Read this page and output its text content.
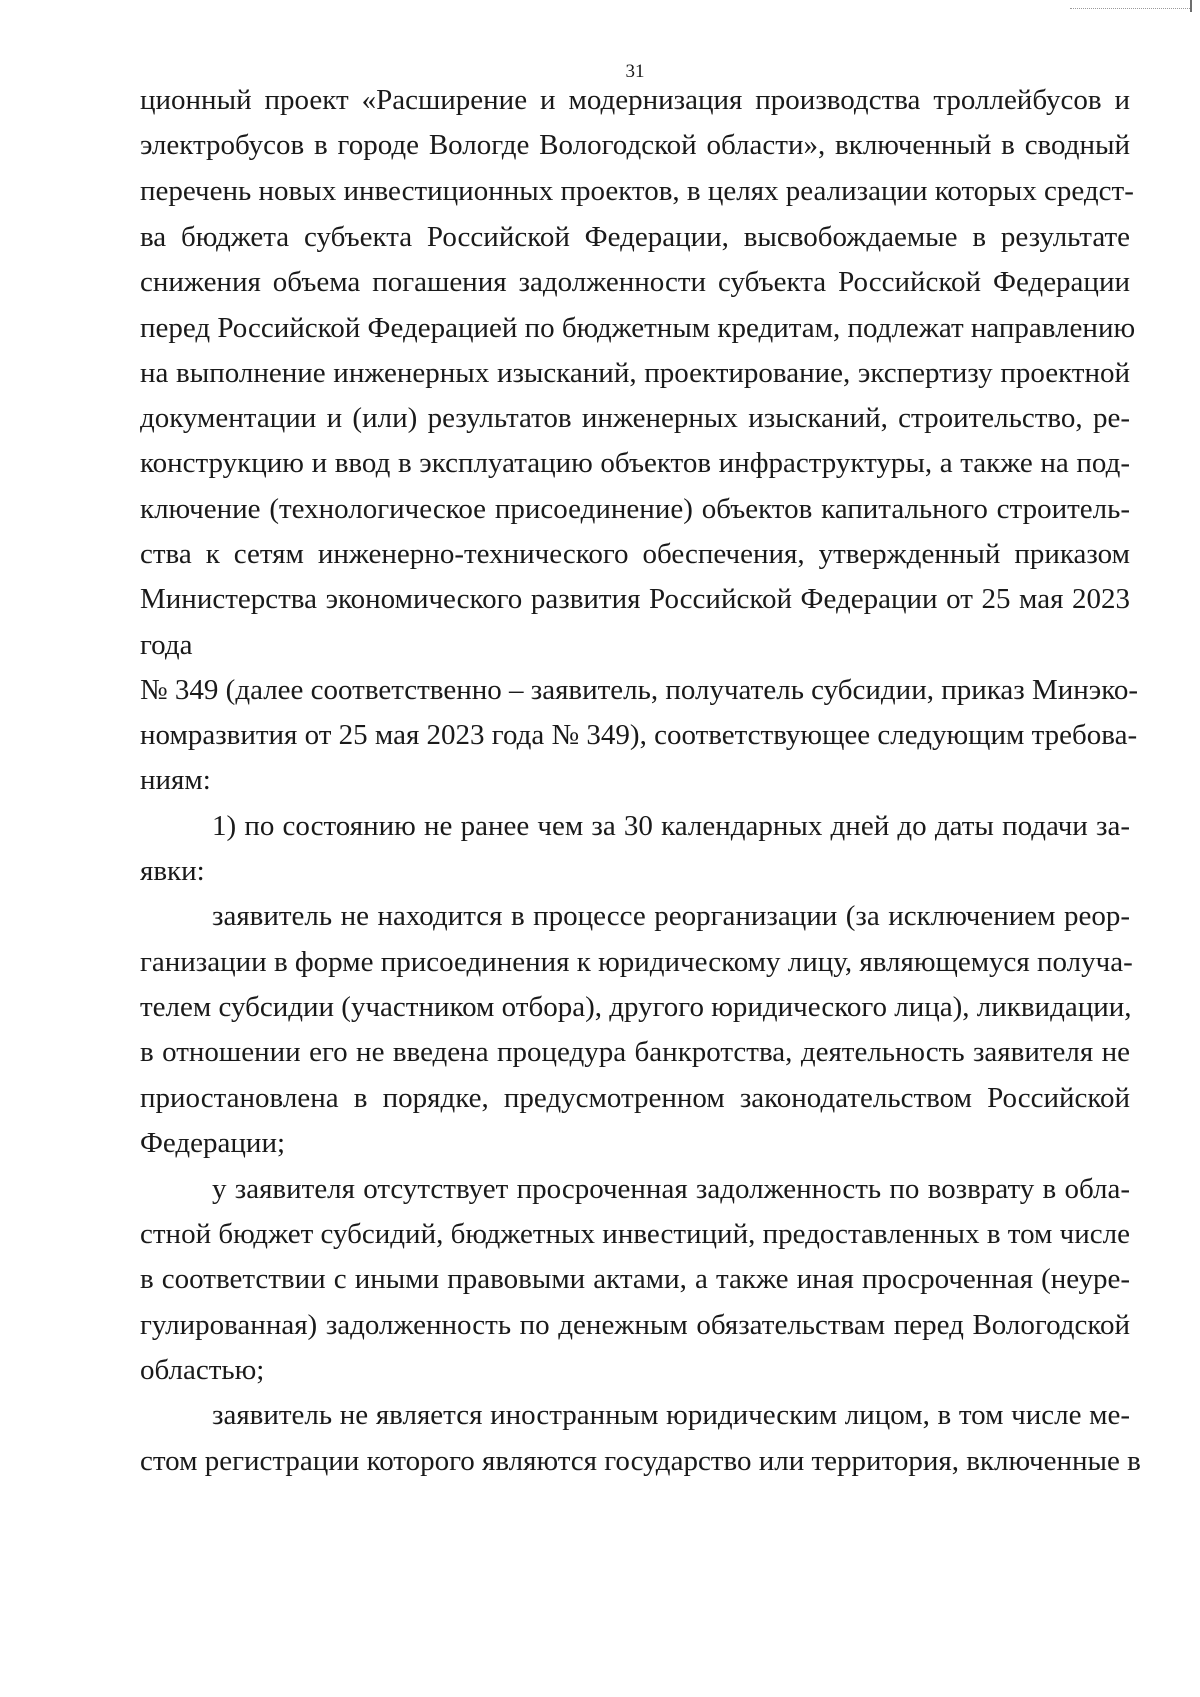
31
ционный проект «Расширение и модернизация производства троллейбусов и
электробусов в городе Вологде Вологодской области», включенный в сводный
перечень новых инвестиционных проектов, в целях реализации которых средст-
ва бюджета субъекта Российской Федерации, высвобождаемые в результате
снижения объема погашения задолженности субъекта Российской Федерации
перед Российской Федерацией по бюджетным кредитам, подлежат направлению
на выполнение инженерных изысканий, проектирование, экспертизу проектной
документации и (или) результатов инженерных изысканий, строительство, ре-
конструкцию и ввод в эксплуатацию объектов инфраструктуры, а также на под-
ключение (технологическое присоединение) объектов капитального строитель-
ства к сетям инженерно-технического обеспечения, утвержденный приказом
Министерства экономического развития Российской Федерации от 25 мая 2023
года
№ 349 (далее соответственно – заявитель, получатель субсидии, приказ Минэко-
номразвития от 25 мая 2023 года № 349), соответствующее следующим требова-
ниям:
1) по состоянию не ранее чем за 30 календарных дней до даты подачи за-
явки:
заявитель не находится в процессе реорганизации (за исключением реор-
ганизации в форме присоединения к юридическому лицу, являющемуся получа-
телем субсидии (участником отбора), другого юридического лица), ликвидации,
в отношении его не введена процедура банкротства, деятельность заявителя не
приостановлена в порядке, предусмотренном законодательством Российской
Федерации;
у заявителя отсутствует просроченная задолженность по возврату в обла-
стной бюджет субсидий, бюджетных инвестиций, предоставленных в том числе
в соответствии с иными правовыми актами, а также иная просроченная (неуре-
гулированная) задолженность по денежным обязательствам перед Вологодской
областью;
заявитель не является иностранным юридическим лицом, в том числе ме-
стом регистрации которого являются государство или территория, включенные в
